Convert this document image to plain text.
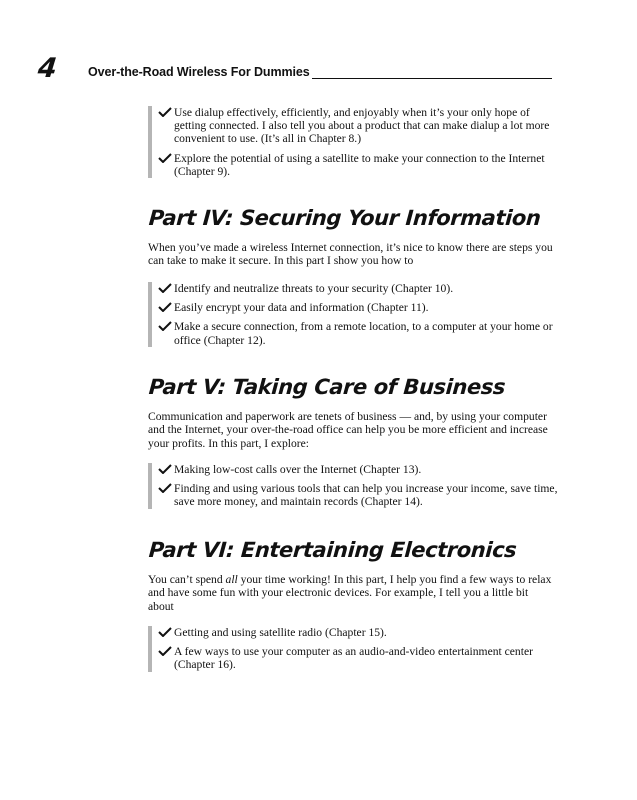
4 Over-the-Road Wireless For Dummies
Use dialup effectively, efficiently, and enjoyably when it’s your only hope of getting connected. I also tell you about a product that can make dialup a lot more convenient to use. (It’s all in Chapter 8.)
Explore the potential of using a satellite to make your connection to the Internet (Chapter 9).
Part IV: Securing Your Information

When you’ve made a wireless Internet connection, it’s nice to know there are steps you can take to make it secure. In this part I show you how to

Identify and neutralize threats to your security (Chapter 10).
Easily encrypt your data and information (Chapter 11).
Make a secure connection, from a remote location, to a computer at your home or office (Chapter 12).
Part V: Taking Care of Business

Communication and paperwork are tenets of business — and, by using your computer and the Internet, your over-the-road office can help you be more efficient and increase your profits. In this part, I explore:

Making low-cost calls over the Internet (Chapter 13).
Finding and using various tools that can help you increase your income, save time, save more money, and maintain records (Chapter 14).
Part VI: Entertaining Electronics

You can’t spend all your time working! In this part, I help you find a few ways to relax and have some fun with your electronic devices. For example, I tell you a little bit about

Getting and using satellite radio (Chapter 15).
A few ways to use your computer as an audio-and-video entertainment center (Chapter 16).
